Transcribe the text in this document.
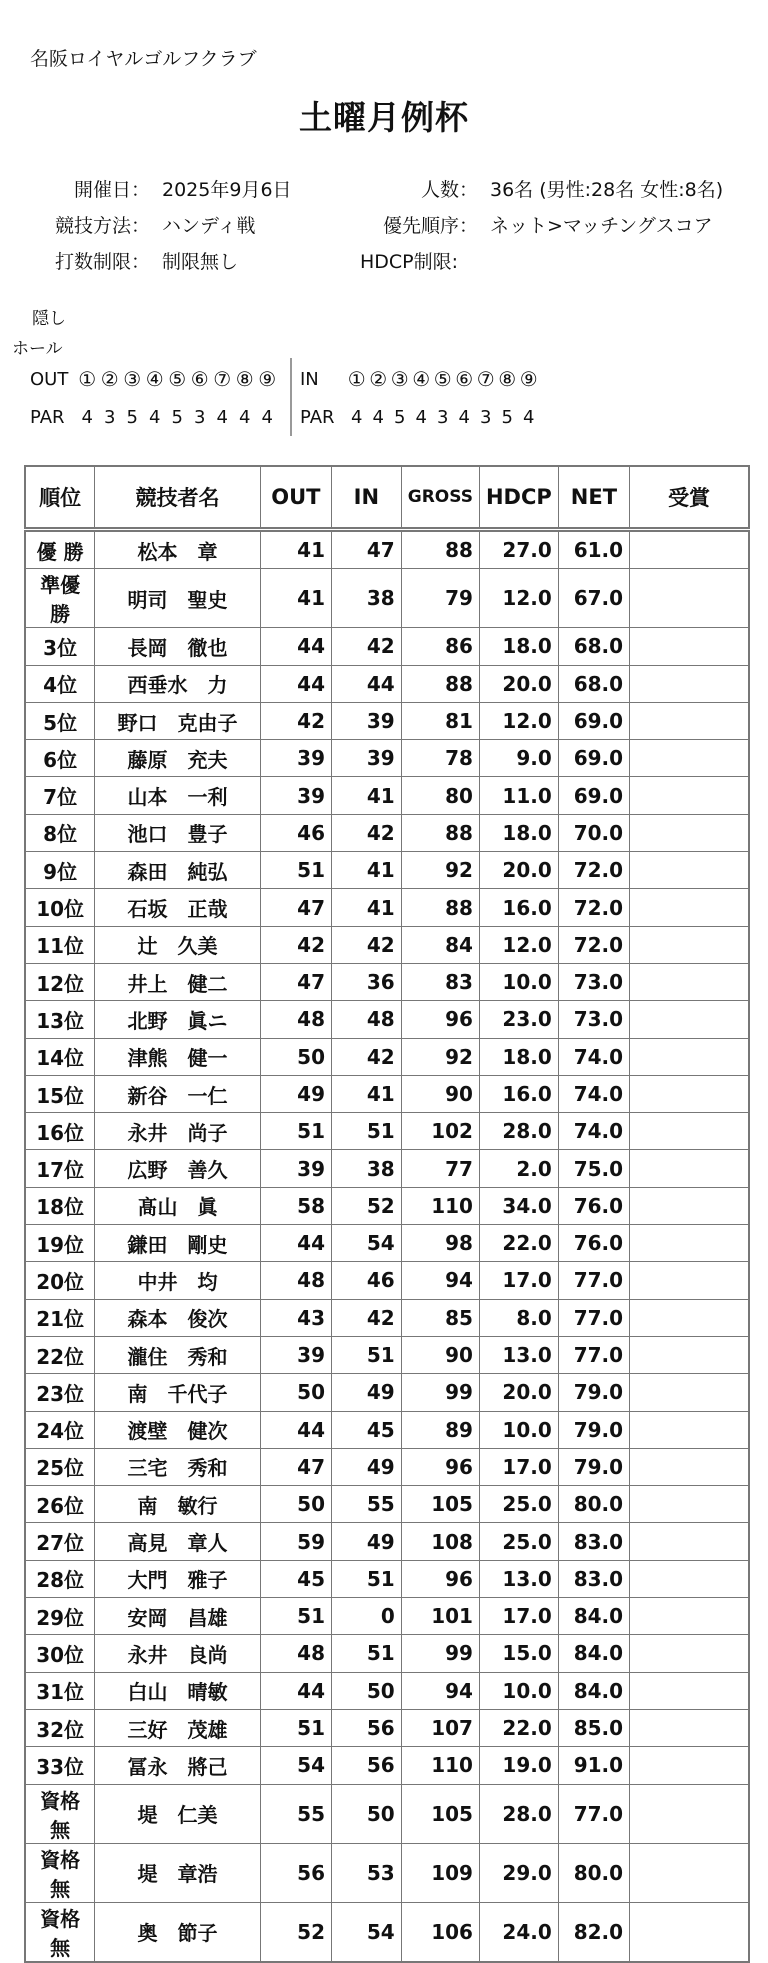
名阪ロイヤルゴルフクラブ
土曜月例杯
開催日： 2025年9月6日
競技方法： ハンディ戦
打数制限： 制限無し
人数： 36名 (男性:28名 女性:8名)
優先順序： ネット>マッチングスコア
HDCP制限:
隠し
ホール
OUT ① ② ③ ④ ⑤ ⑥ ⑦ ⑧ ⑨ IN	① ② ③ ④ ⑤ ⑥ ⑦ ⑧ ⑨
PAR 4 3 5 4 5 3 4 4 4	PAR 4 4 5 4 3 4 3 5 4
順位	競技者名	OUT	IN	GROSS	HDCP	NET	受賞
優 勝	松本　章	41	47	88	27.0	61.0	
準優勝	明司　聖史	41	38	79	12.0	67.0	
3位	長岡　徹也	44	42	86	18.0	68.0	
4位	西垂水　力	44	44	88	20.0	68.0	
5位	野口　克由子	42	39	81	12.0	69.0	
6位	藤原　充夫	39	39	78	9.0	69.0	
7位	山本　一利	39	41	80	11.0	69.0	
8位	池口　豊子	46	42	88	18.0	70.0	
9位	森田　純弘	51	41	92	20.0	72.0	
10位	石坂　正哉	47	41	88	16.0	72.0	
11位	辻　久美	42	42	84	12.0	72.0	
12位	井上　健二	47	36	83	10.0	73.0	
13位	北野　眞ニ	48	48	96	23.0	73.0	
14位	津熊　健一	50	42	92	18.0	74.0	
15位	新谷　一仁	49	41	90	16.0	74.0	
16位	永井　尚子	51	51	102	28.0	74.0	
17位	広野　善久	39	38	77	2.0	75.0	
18位	髙山　眞	58	52	110	34.0	76.0	
19位	鎌田　剛史	44	54	98	22.0	76.0	
20位	中井　均	48	46	94	17.0	77.0	
21位	森本　俊次	43	42	85	8.0	77.0	
22位	瀧住　秀和	39	51	90	13.0	77.0	
23位	南　千代子	50	49	99	20.0	79.0	
24位	渡壁　健次	44	45	89	10.0	79.0	
25位	三宅　秀和	47	49	96	17.0	79.0	
26位	南　敏行	50	55	105	25.0	80.0	
27位	高見　章人	59	49	108	25.0	83.0	
28位	大門　雅子	45	51	96	13.0	83.0	
29位	安岡　昌雄	51	0	101	17.0	84.0	
30位	永井　良尚	48	51	99	15.0	84.0	
31位	白山　晴敏	44	50	94	10.0	84.0	
32位	三好　茂雄	51	56	107	22.0	85.0	
33位	冨永　將己	54	56	110	19.0	91.0	
資格無	堤　仁美	55	50	105	28.0	77.0	
資格無	堤　章浩	56	53	109	29.0	80.0	
資格無	奥　節子	52	54	106	24.0	82.0	
